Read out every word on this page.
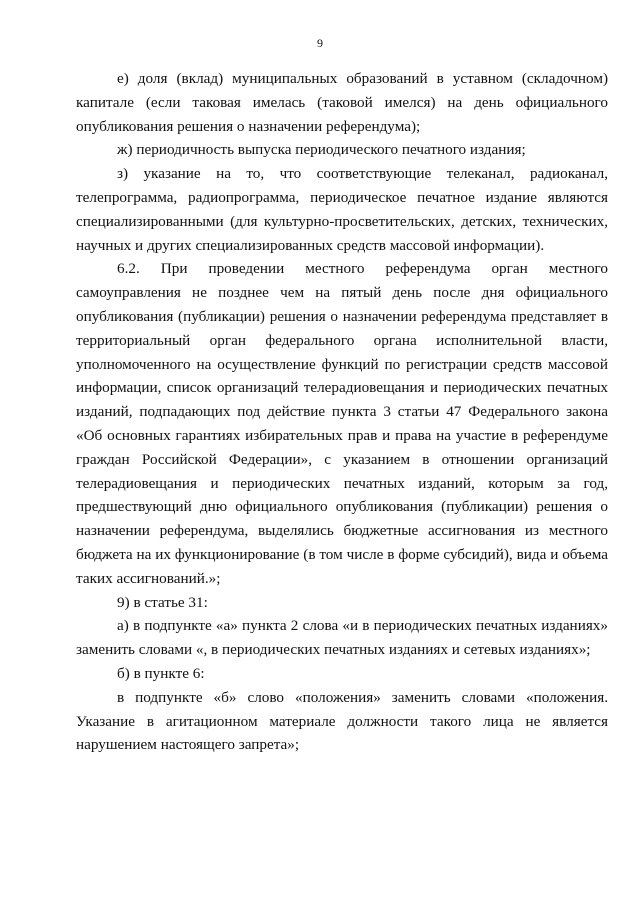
9

е) доля (вклад) муниципальных образований в уставном (складочном) капитале (если таковая имелась (таковой имелся) на день официального опубликования решения о назначении референдума);

ж) периодичность выпуска периодического печатного издания;

з) указание на то, что соответствующие телеканал, радиоканал, телепрограмма, радиопрограмма, периодическое печатное издание являются специализированными (для культурно-просветительских, детских, технических, научных и других специализированных средств массовой информации).

6.2. При проведении местного референдума орган местного самоуправления не позднее чем на пятый день после дня официального опубликования (публикации) решения о назначении референдума представляет в территориальный орган федерального органа исполнительной власти, уполномоченного на осуществление функций по регистрации средств массовой информации, список организаций телерадиовещания и периодических печатных изданий, подпадающих под действие пункта 3 статьи 47 Федерального закона «Об основных гарантиях избирательных прав и права на участие в референдуме граждан Российской Федерации», с указанием в отношении организаций телерадиовещания и периодических печатных изданий, которым за год, предшествующий дню официального опубликования (публикации) решения о назначении референдума, выделялись бюджетные ассигнования из местного бюджета на их функционирование (в том числе в форме субсидий), вида и объема таких ассигнований.»;

9) в статье 31:

а) в подпункте «а» пункта 2 слова «и в периодических печатных изданиях» заменить словами «, в периодических печатных изданиях и сетевых изданиях»;

б) в пункте 6:

в подпункте «б» слово «положения» заменить словами «положения. Указание в агитационном материале должности такого лица не является нарушением настоящего запрета»;
